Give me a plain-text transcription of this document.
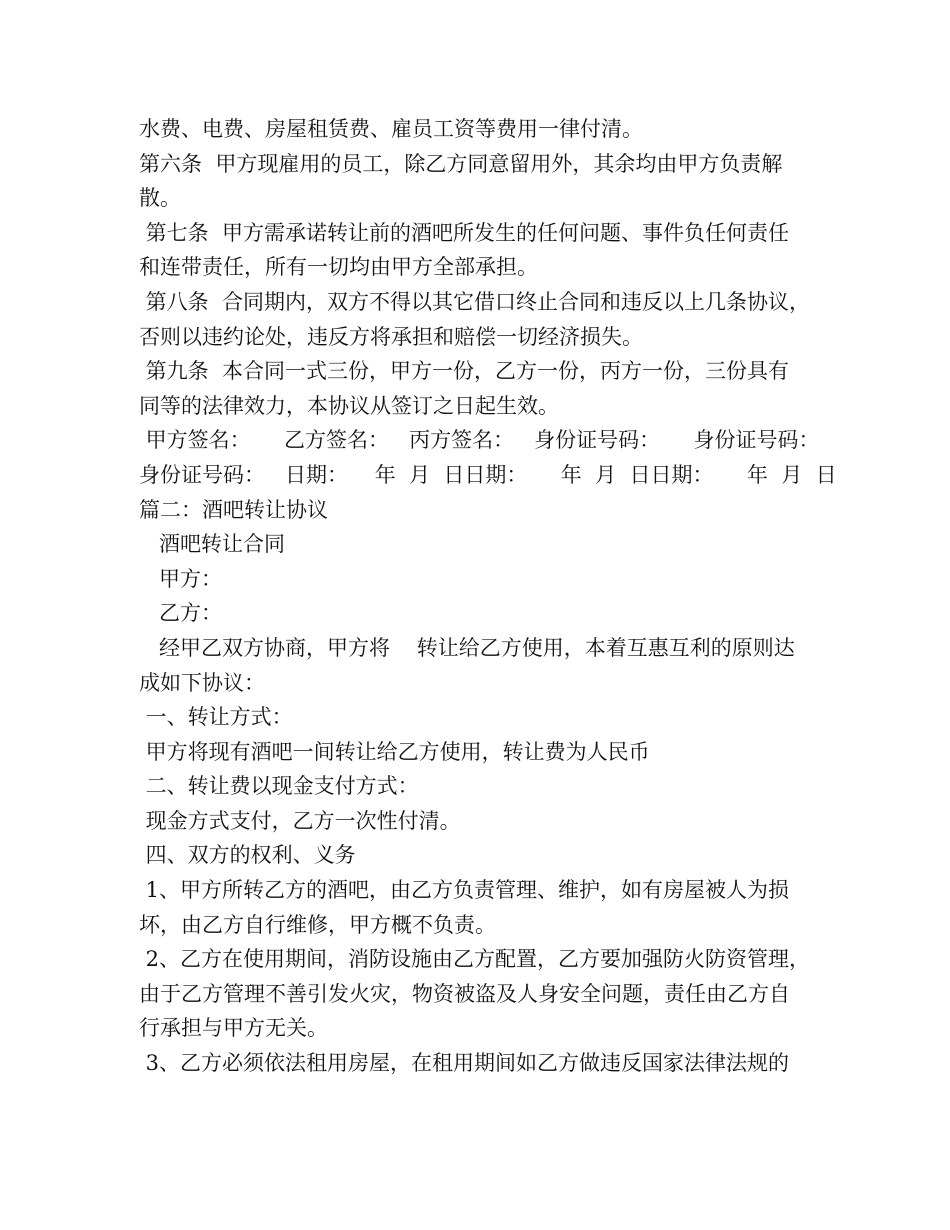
水费、电费、房屋租赁费、雇员工资等费用一律付清。
第六条  甲方现雇用的员工，除乙方同意留用外，其余均由甲方负责解
散。
第七条  甲方需承诺转让前的酒吧所发生的任何问题、事件负任何责任
和连带责任，所有一切均由甲方全部承担。
第八条  合同期内，双方不得以其它借口终止合同和违反以上几条协议，
否则以违约论处，违反方将承担和赔偿一切经济损失。
第九条  本合同一式三份，甲方一份，乙方一份，丙方一份，三份具有
同等的法律效力，本协议从签订之日起生效。
甲方签名：     乙方签名：   丙方签名：   身份证号码：     身份证号码：
身份证号码：   日期：    年  月  日日期：     年  月  日日期：     年  月  日
篇二：酒吧转让协议
酒吧转让合同
甲方：
乙方：
经甲乙双方协商，甲方将    转让给乙方使用，本着互惠互利的原则达
成如下协议：
一、转让方式：
甲方将现有酒吧一间转让给乙方使用，转让费为人民币
二、转让费以现金支付方式：
现金方式支付，乙方一次性付清。
四、双方的权利、义务
1、甲方所转乙方的酒吧，由乙方负责管理、维护，如有房屋被人为损
坏，由乙方自行维修，甲方概不负责。
2、乙方在使用期间，消防设施由乙方配置，乙方要加强防火防资管理，
由于乙方管理不善引发火灾，物资被盗及人身安全问题，责任由乙方自
行承担与甲方无关。
3、乙方必须依法租用房屋，在租用期间如乙方做违反国家法律法规的
